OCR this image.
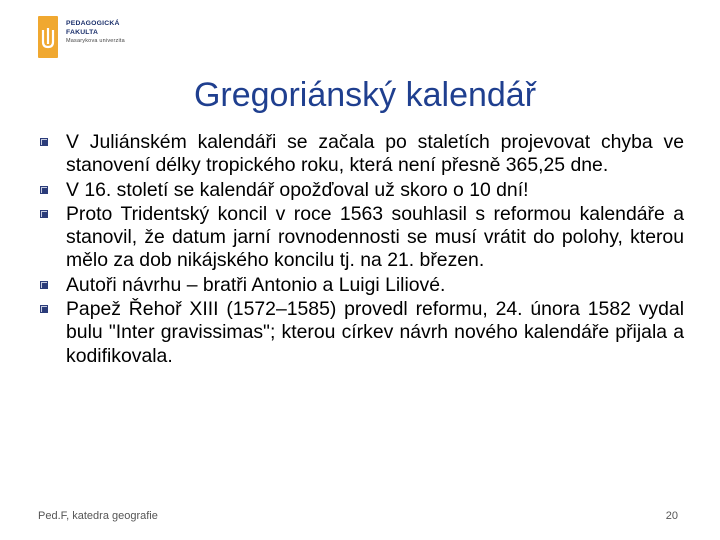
PEDAGOGICKÁ
FAKULTA
Masarykova univerzita
Gregoriánský kalendář
V Juliánském kalendáři se začala po staletích projevovat chyba ve stanovení délky tropického roku, která není přesně 365,25 dne.
V 16. století se kalendář opožďoval už skoro o 10 dní!
Proto Tridentský koncil v roce 1563 souhlasil s reformou kalendáře a stanovil, že datum jarní rovnodennosti se musí vrátit do polohy, kterou mělo za dob nikájského koncilu tj. na 21. březen.
Autoři návrhu – bratři Antonio a Luigi Liliové.
Papež Řehoř XIII (1572–1585) provedl reformu, 24. února 1582 vydal bulu "Inter gravissimas"; kterou církev návrh nového kalendáře přijala a kodifikovala.
Ped.F, katedra geografie	20
